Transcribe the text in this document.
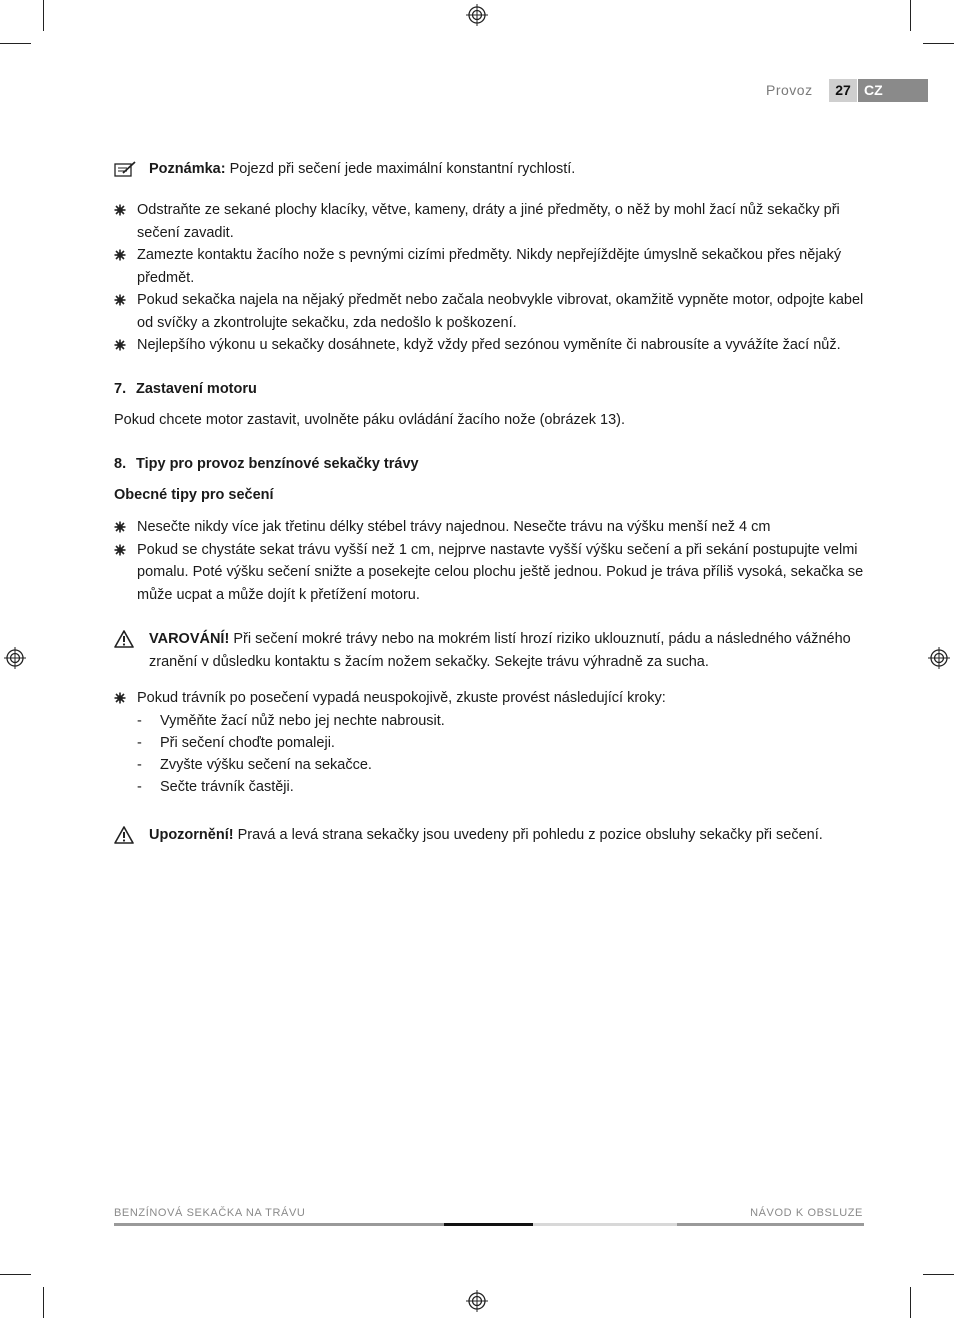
Provoz	27 CZ
Poznámka: Pojezd při sečení jede maximální konstantní rychlostí.
Odstraňte ze sekané plochy klacíky, větve, kameny, dráty a jiné předměty, o něž by mohl žací nůž sekačky při sečení zavadit.
Zamezte kontaktu žacího nože s pevnými cizími předměty. Nikdy nepřejíždějte úmyslně sekačkou přes nějaký předmět.
Pokud sekačka najela na nějaký předmět nebo začala neobvykle vibrovat, okamžitě vypněte motor, odpojte kabel od svíčky a zkontrolujte sekačku, zda nedošlo k poškození.
Nejlepšího výkonu u sekačky dosáhnete, když vždy před sezónou vyměníte či nabrousíte a vyvážíte žací nůž.
7. Zastavení motoru

Pokud chcete motor zastavit, uvolněte páku ovládání žacího nože (obrázek 13).

8. Tipy pro provoz benzínové sekačky trávy
Obecné tipy pro sečení
Nesečte nikdy více jak třetinu délky stébel trávy najednou. Nesečte trávu na výšku menší než 4 cm
Pokud se chystáte sekat trávu vyšší než 1 cm, nejprve nastavte vyšší výšku sečení a při sekání postupujte velmi pomalu. Poté výšku sečení snižte a posekejte celou plochu ještě jednou. Pokud je tráva příliš vysoká, sekačka se může ucpat a může dojít k přetížení motoru.
VAROVÁNÍ! Při sečení mokré trávy nebo na mokrém listí hrozí riziko uklouznutí, pádu a následného vážného zranění v důsledku kontaktu s žacím nožem sekačky. Sekejte trávu výhradně za sucha.
Pokud trávník po posečení vypadá neuspokojivě, zkuste provést následující kroky:
- Vyměňte žací nůž nebo jej nechte nabrousit.
- Při sečení choďte pomaleji.
- Zvyšte výšku sečení na sekačce.
- Sečte trávník častěji.
Upozornění! Pravá a levá strana sekačky jsou uvedeny při pohledu z pozice obsluhy sekačky při sečení.
BENZÍNOVÁ SEKAČKA NA TRÁVU	NÁVOD K OBSLUZE
